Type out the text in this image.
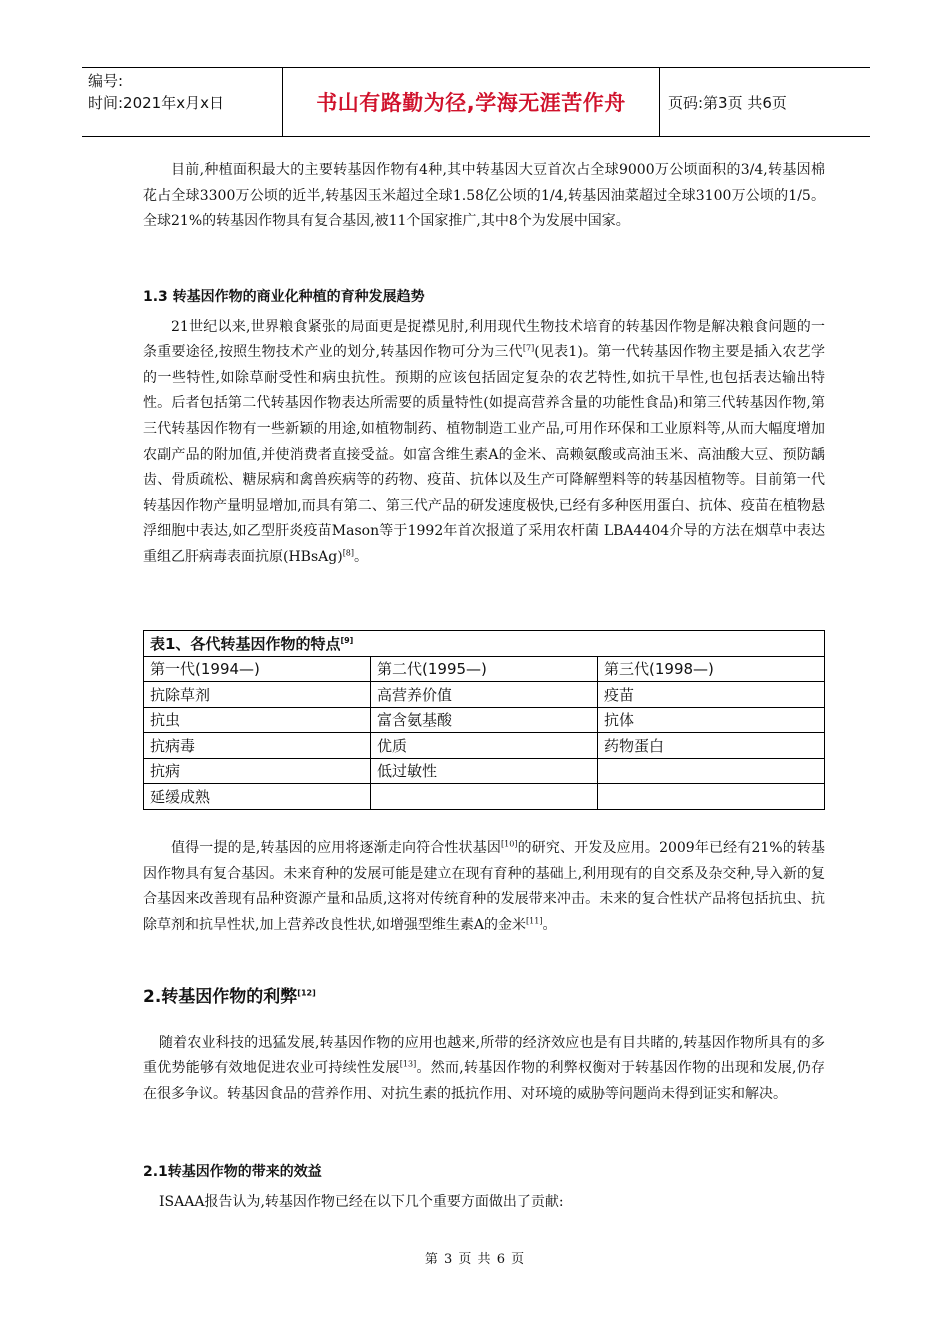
编号:
时间:2021年x月x日	书山有路勤为径,学海无涯苦作舟	页码:第3页 共6页

目前,种植面积最大的主要转基因作物有4种,其中转基因大豆首次占全球9000万公顷面积的3/4,转基因棉花占全球3300万公顷的近半,转基因玉米超过全球1.58亿公顷的1/4,转基因油菜超过全球3100万公顷的1/5。全球21%的转基因作物具有复合基因,被11个国家推广,其中8个为发展中国家。

1.3 转基因作物的商业化种植的育种发展趋势

21世纪以来,世界粮食紧张的局面更是捉襟见肘,利用现代生物技术培育的转基因作物是解决粮食问题的一条重要途径,按照生物技术产业的划分,转基因作物可分为三代[7](见表1)。第一代转基因作物主要是插入农艺学的一些特性,如除草耐受性和病虫抗性。预期的应该包括固定复杂的农艺特性,如抗干旱性,也包括表达输出特性。后者包括第二代转基因作物表达所需要的质量特性(如提高营养含量的功能性食品)和第三代转基因作物,第三代转基因作物有一些新颖的用途,如植物制药、植物制造工业产品,可用作环保和工业原料等,从而大幅度增加农副产品的附加值,并使消费者直接受益。如富含维生素A的金米、高赖氨酸或高油玉米、高油酸大豆、预防龋齿、骨质疏松、糖尿病和禽兽疾病等的药物、疫苗、抗体以及生产可降解塑料等的转基因植物等。目前第一代转基因作物产量明显增加,而具有第二、第三代产品的研发速度极快,已经有多种医用蛋白、抗体、疫苗在植物悬浮细胞中表达,如乙型肝炎疫苗Mason等于1992年首次报道了采用农杆菌 LBA4404介导的方法在烟草中表达重组乙肝病毒表面抗原(HBsAg)[8]。

表1、各代转基因作物的特点[9]
第一代(1994—)	第二代(1995—)	第三代(1998—)
抗除草剂	高营养价值	疫苗
抗虫	富含氨基酸	抗体
抗病毒	优质	药物蛋白
抗病	低过敏性	
延缓成熟		

值得一提的是,转基因的应用将逐渐走向符合性状基因[10]的研究、开发及应用。2009年已经有21%的转基因作物具有复合基因。未来育种的发展可能是建立在现有育种的基础上,利用现有的自交系及杂交种,导入新的复合基因来改善现有品种资源产量和品质,这将对传统育种的发展带来冲击。未来的复合性状产品将包括抗虫、抗除草剂和抗旱性状,加上营养改良性状,如增强型维生素A的金米[11]。

2.转基因作物的利弊[12]

随着农业科技的迅猛发展,转基因作物的应用也越来,所带的经济效应也是有目共睹的,转基因作物所具有的多重优势能够有效地促进农业可持续性发展[13]。然而,转基因作物的利弊权衡对于转基因作物的出现和发展,仍存在很多争议。转基因食品的营养作用、对抗生素的抵抗作用、对环境的威胁等问题尚未得到证实和解决。

2.1转基因作物的带来的效益

ISAAA报告认为,转基因作物已经在以下几个重要方面做出了贡献:

第 3 页 共 6 页
